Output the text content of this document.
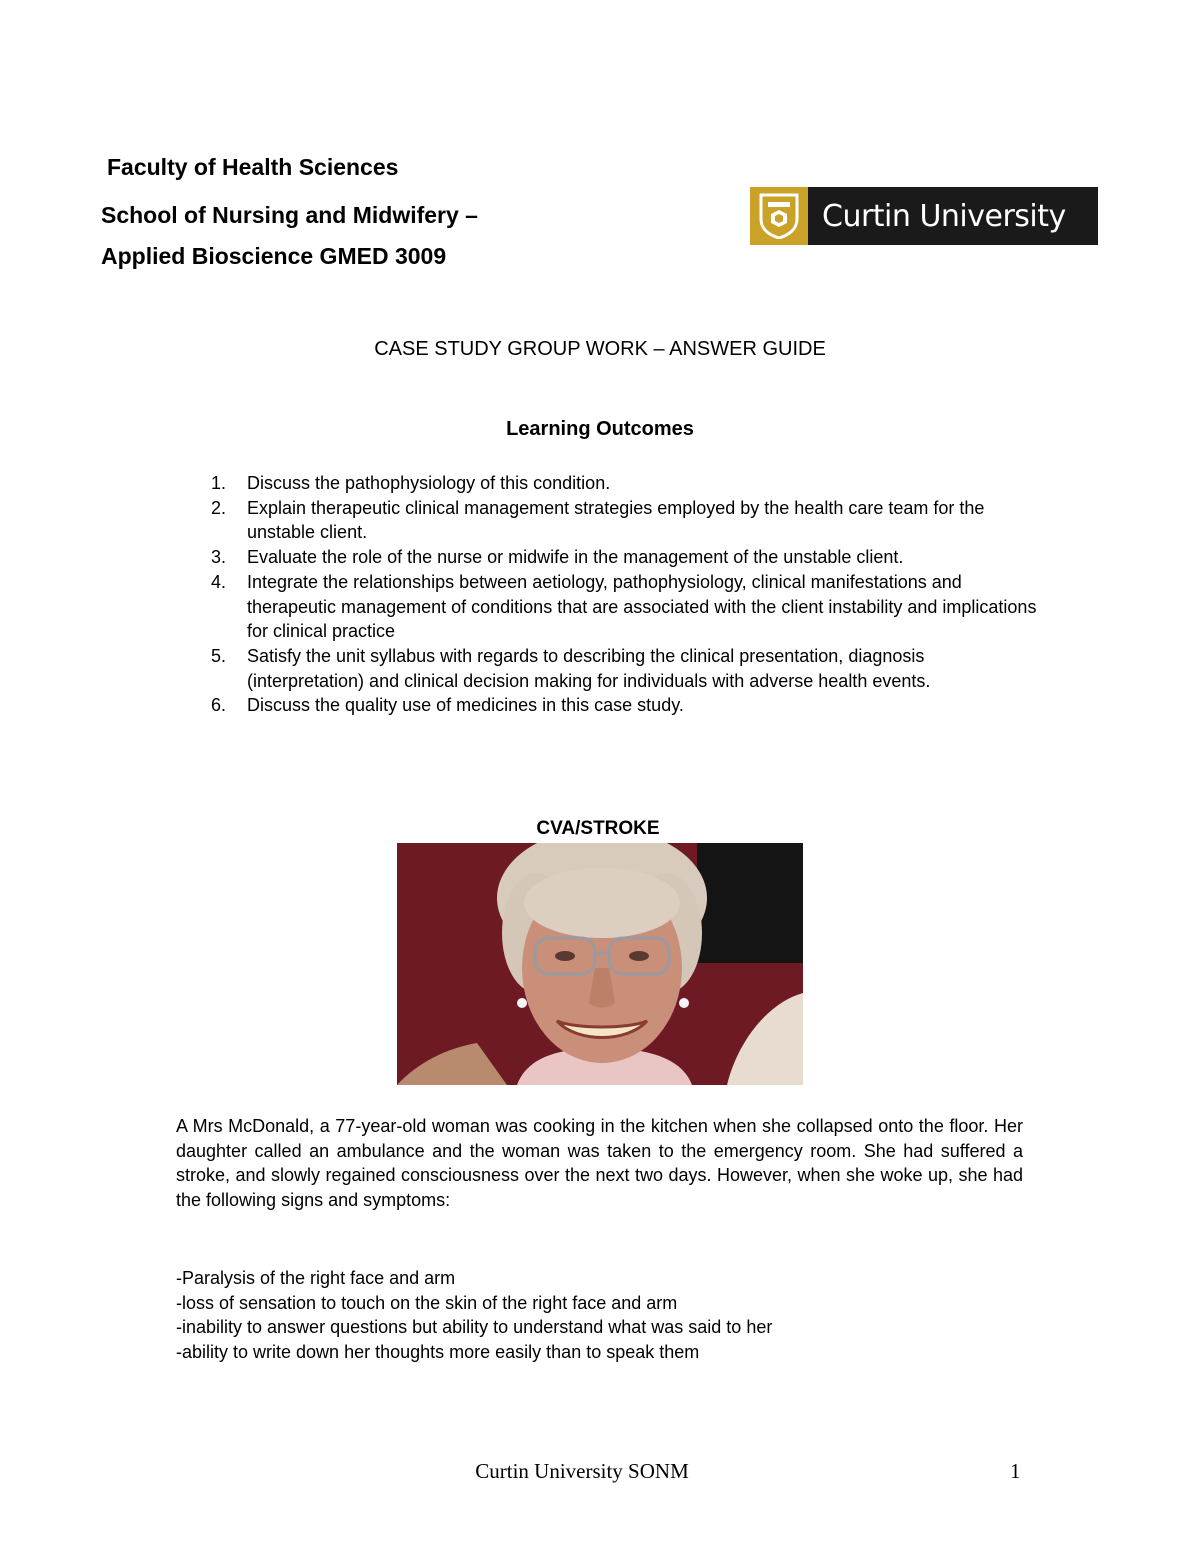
Faculty of Health Sciences
School of Nursing and Midwifery –
Applied Bioscience GMED 3009
Curtin University
CASE STUDY GROUP WORK – ANSWER GUIDE
Learning Outcomes
1. Discuss the pathophysiology of this condition.
2. Explain therapeutic clinical management strategies employed by the health care team for the unstable client.
3. Evaluate the role of the nurse or midwife in the management of the unstable client.
4. Integrate the relationships between aetiology, pathophysiology, clinical manifestations and therapeutic management of conditions that are associated with the client instability and implications for clinical practice
5. Satisfy the unit syllabus with regards to describing the clinical presentation, diagnosis (interpretation) and clinical decision making for individuals with adverse health events.
6. Discuss the quality use of medicines in this case study.
CVA/STROKE
A Mrs McDonald, a 77-year-old woman was cooking in the kitchen when she collapsed onto the floor. Her daughter called an ambulance and the woman was taken to the emergency room. She had suffered a stroke, and slowly regained consciousness over the next two days. However, when she woke up, she had the following signs and symptoms:
-Paralysis of the right face and arm
-loss of sensation to touch on the skin of the right face and arm
-inability to answer questions but ability to understand what was said to her
-ability to write down her thoughts more easily than to speak them
Curtin University SONM	1
